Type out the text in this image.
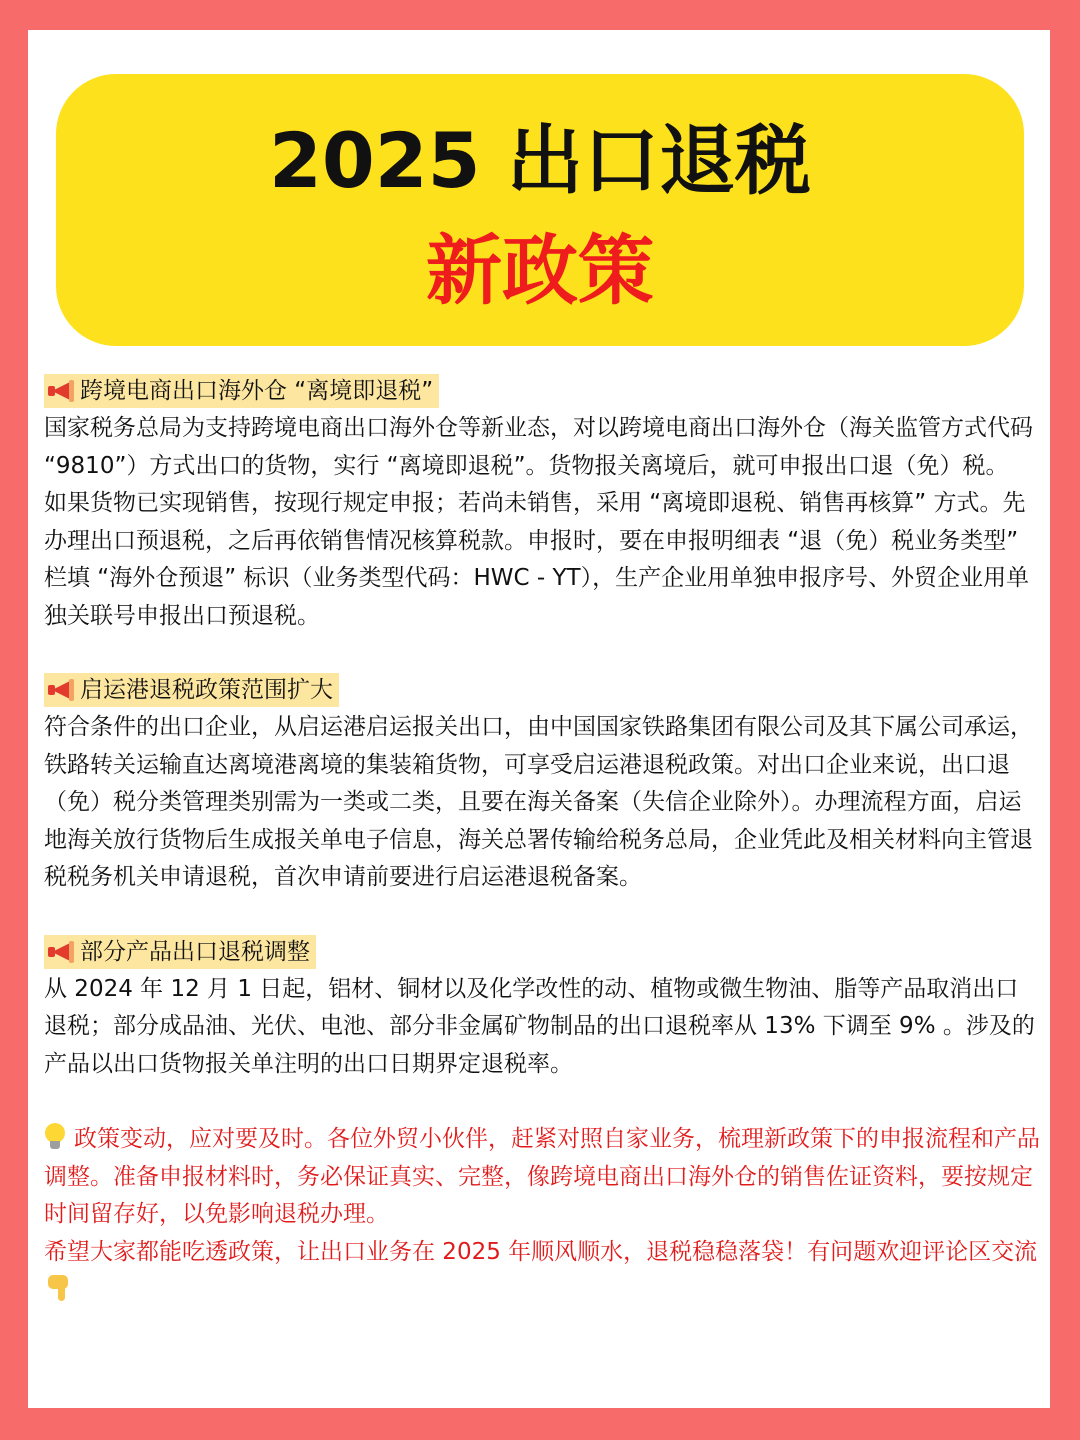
2025 出口退税
新政策
跨境电商出口海外仓 “离境即退税”

国家税务总局为支持跨境电商出口海外仓等新业态，对以跨境电商出口海外仓（海关监管方式代码 “9810”）方式出口的货物，实行 “离境即退税”。货物报关离境后，就可申报出口退（免）税。

如果货物已实现销售，按现行规定申报；若尚未销售，采用 “离境即退税、销售再核算” 方式。先办理出口预退税，之后再依销售情况核算税款。申报时，要在申报明细表 “退（免）税业务类型” 栏填 “海外仓预退” 标识（业务类型代码：HWC - YT），生产企业用单独申报序号、外贸企业用单独关联号申报出口预退税。

启运港退税政策范围扩大

符合条件的出口企业，从启运港启运报关出口，由中国国家铁路集团有限公司及其下属公司承运，铁路转关运输直达离境港离境的集装箱货物，可享受启运港退税政策。对出口企业来说，出口退（免）税分类管理类别需为一类或二类，且要在海关备案（失信企业除外）。办理流程方面，启运地海关放行货物后生成报关单电子信息，海关总署传输给税务总局，企业凭此及相关材料向主管退税税务机关申请退税，首次申请前要进行启运港退税备案。

部分产品出口退税调整

从 2024 年 12 月 1 日起，铝材、铜材以及化学改性的动、植物或微生物油、脂等产品取消出口退税；部分成品油、光伏、电池、部分非金属矿物制品的出口退税率从 13% 下调至 9% 。涉及的产品以出口货物报关单注明的出口日期界定退税率。

政策变动，应对要及时。各位外贸小伙伴，赶紧对照自家业务，梳理新政策下的申报流程和产品调整。准备申报材料时，务必保证真实、完整，像跨境电商出口海外仓的销售佐证资料，要按规定时间留存好，以免影响退税办理。

希望大家都能吃透政策，让出口业务在 2025 年顺风顺水，退税稳稳落袋！有问题欢迎评论区交流
